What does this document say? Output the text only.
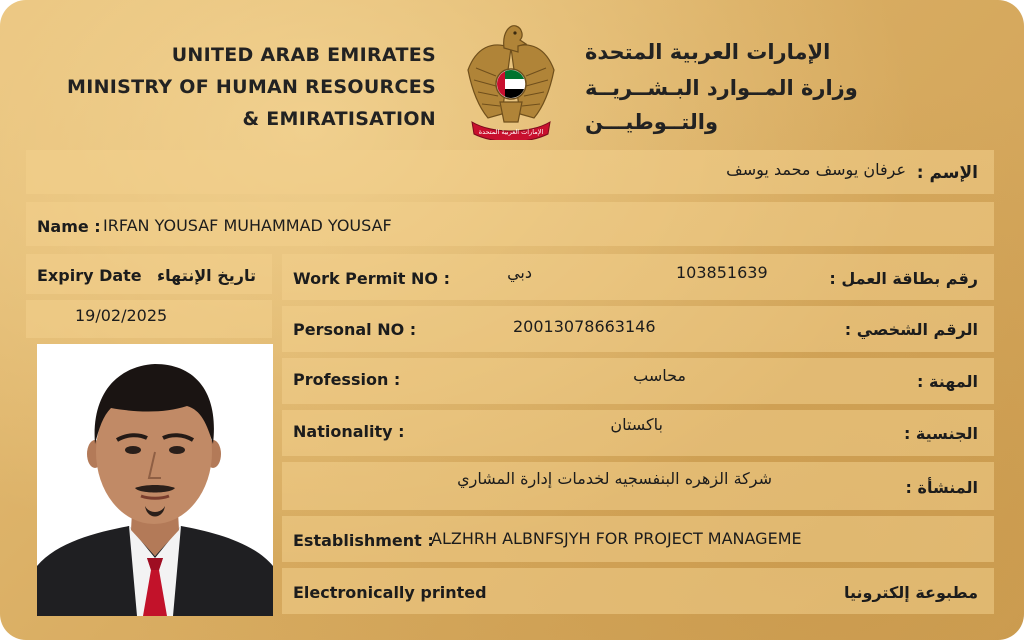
UNITED ARAB EMIRATES
MINISTRY OF HUMAN RESOURCES
& EMIRATISATION
الإمارات العربية المتحدة
الإمارات العربية المتحدة
وزارة المــوارد البـشــريــة
والتــوطيـــن
الإسم :
عرفان يوسف محمد يوسف
Name : IRFAN YOUSAF MUHAMMAD YOUSAF
Expiry Date تاريخ الإنتهاء
19/02/2025
Work Permit NO :	دبي	103851639	رقم بطاقة العمل :
Personal NO :	20013078663146	الرقم الشخصي :
Profession :	محاسب	المهنة :
Nationality :	باكستان	الجنسية :
شركة الزهره البنفسجيه لخدمات إدارة المشاري	المنشأة :
Establishment :
ALZHRH ALBNFSJYH FOR PROJECT MANAGEME
Electronically printed	مطبوعة إلكترونيا
